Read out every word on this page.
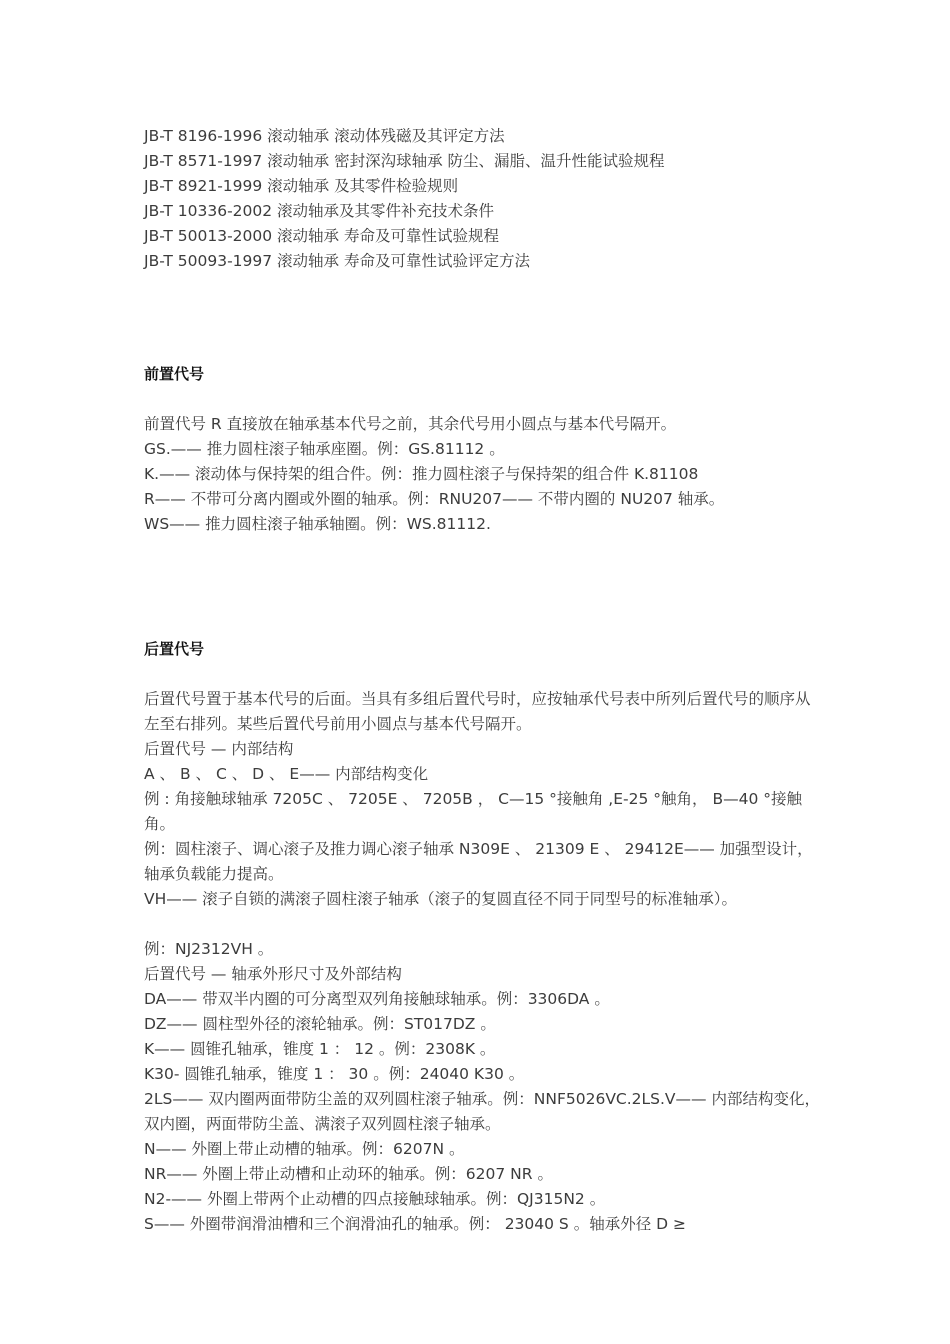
JB-T 8196-1996 滚动轴承 滚动体残磁及其评定方法
JB-T 8571-1997 滚动轴承 密封深沟球轴承 防尘、漏脂、温升性能试验规程
JB-T 8921-1999 滚动轴承 及其零件检验规则
JB-T 10336-2002 滚动轴承及其零件补充技术条件
JB-T 50013-2000 滚动轴承 寿命及可靠性试验规程
JB-T 50093-1997 滚动轴承 寿命及可靠性试验评定方法
前置代号
前置代号 R 直接放在轴承基本代号之前，其余代号用小圆点与基本代号隔开。
GS.—— 推力圆柱滚子轴承座圈。例：GS.81112 。
K.—— 滚动体与保持架的组合件。例：推力圆柱滚子与保持架的组合件 K.81108
R—— 不带可分离内圈或外圈的轴承。例：RNU207—— 不带内圈的 NU207 轴承。
WS—— 推力圆柱滚子轴承轴圈。例：WS.81112.
后置代号
后置代号置于基本代号的后面。当具有多组后置代号时，应按轴承代号表中所列后置代号的顺序从左至右排列。某些后置代号前用小圆点与基本代号隔开。
后置代号 — 内部结构
A 、 B 、 C 、 D 、 E—— 内部结构变化
例 : 角接触球轴承 7205C 、 7205E 、 7205B ， C—15 °接触角 ,E-25 °触角， B—40 °接触角。
例：圆柱滚子、调心滚子及推力调心滚子轴承 N309E 、 21309 E 、 29412E—— 加强型设计，轴承负载能力提高。
VH—— 滚子自锁的满滚子圆柱滚子轴承（滚子的复圆直径不同于同型号的标准轴承）。
例：NJ2312VH 。
后置代号 — 轴承外形尺寸及外部结构
DA—— 带双半内圈的可分离型双列角接触球轴承。例：3306DA 。
DZ—— 圆柱型外径的滚轮轴承。例：ST017DZ 。
K—— 圆锥孔轴承，锥度 1 ： 12 。例：2308K 。
K30- 圆锥孔轴承，锥度 1 ： 30 。例：24040 K30 。
2LS—— 双内圈两面带防尘盖的双列圆柱滚子轴承。例：NNF5026VC.2LS.V—— 内部结构变化，双内圈，两面带防尘盖、满滚子双列圆柱滚子轴承。
N—— 外圈上带止动槽的轴承。例：6207N 。
NR—— 外圈上带止动槽和止动环的轴承。例：6207 NR 。
N2-—— 外圈上带两个止动槽的四点接触球轴承。例：QJ315N2 。
S—— 外圈带润滑油槽和三个润滑油孔的轴承。例： 23040 S 。轴承外径 D ≥
